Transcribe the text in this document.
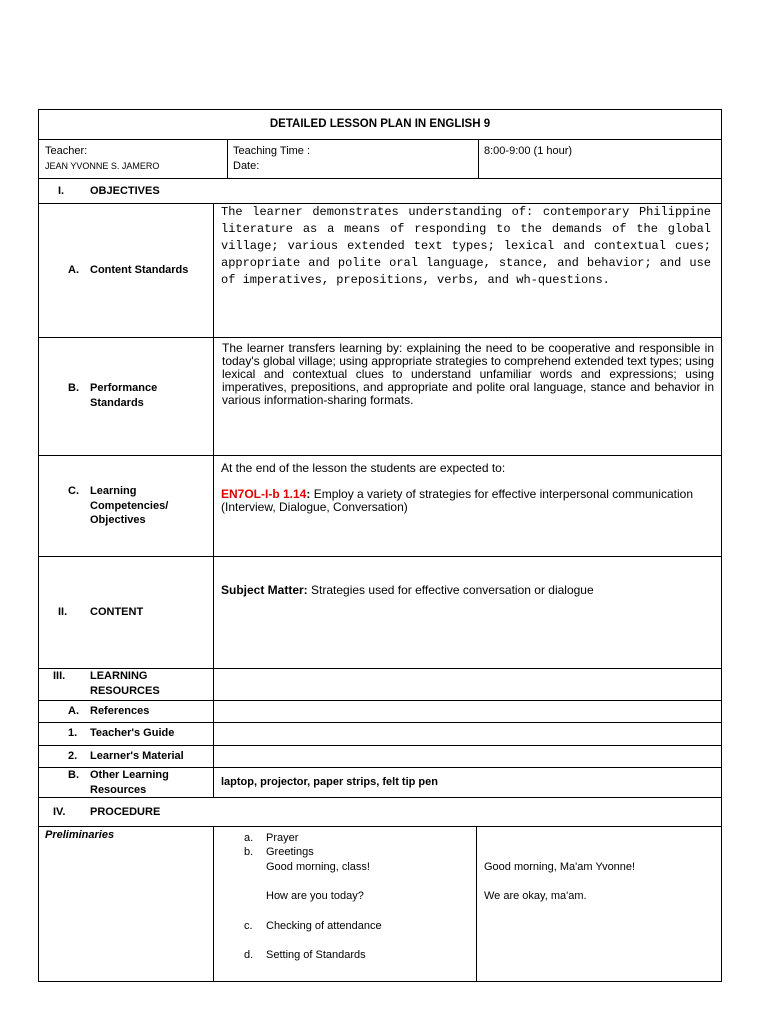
DETAILED LESSON PLAN IN ENGLISH 9
Teacher:
JEAN YVONNE S. JAMERO
Teaching Time :
Date:
8:00-9:00 (1 hour)
I. OBJECTIVES
A. Content Standards
The learner demonstrates understanding of: contemporary Philippine literature as a means of responding to the demands of the global village; various extended text types; lexical and contextual cues; appropriate and polite oral language, stance, and behavior; and use of imperatives, prepositions, verbs, and wh-questions.
B. Performance
Standards
The learner transfers learning by: explaining the need to be cooperative and responsible in today's global village; using appropriate strategies to comprehend extended text types; using lexical and contextual clues to understand unfamiliar words and expressions; using imperatives, prepositions, and appropriate and polite oral language, stance and behavior in various information-sharing formats.
C. Learning
Competencies/
Objectives
At the end of the lesson the students are expected to:
EN7OL-I-b 1.14: Employ a variety of strategies for effective interpersonal communication (Interview, Dialogue, Conversation)
II. CONTENT
Subject Matter: Strategies used for effective conversation or dialogue
III. LEARNING
RESOURCES
A. References
1. Teacher's Guide
2. Learner's Material
B. Other Learning
Resources
laptop, projector, paper strips, felt tip pen
IV. PROCEDURE
Preliminaries	a. Prayer
b. Greetings
Good morning, class!
How are you today?
c. Checking of attendance
d. Setting of Standards
Good morning, Ma'am Yvonne!
We are okay, ma'am.
